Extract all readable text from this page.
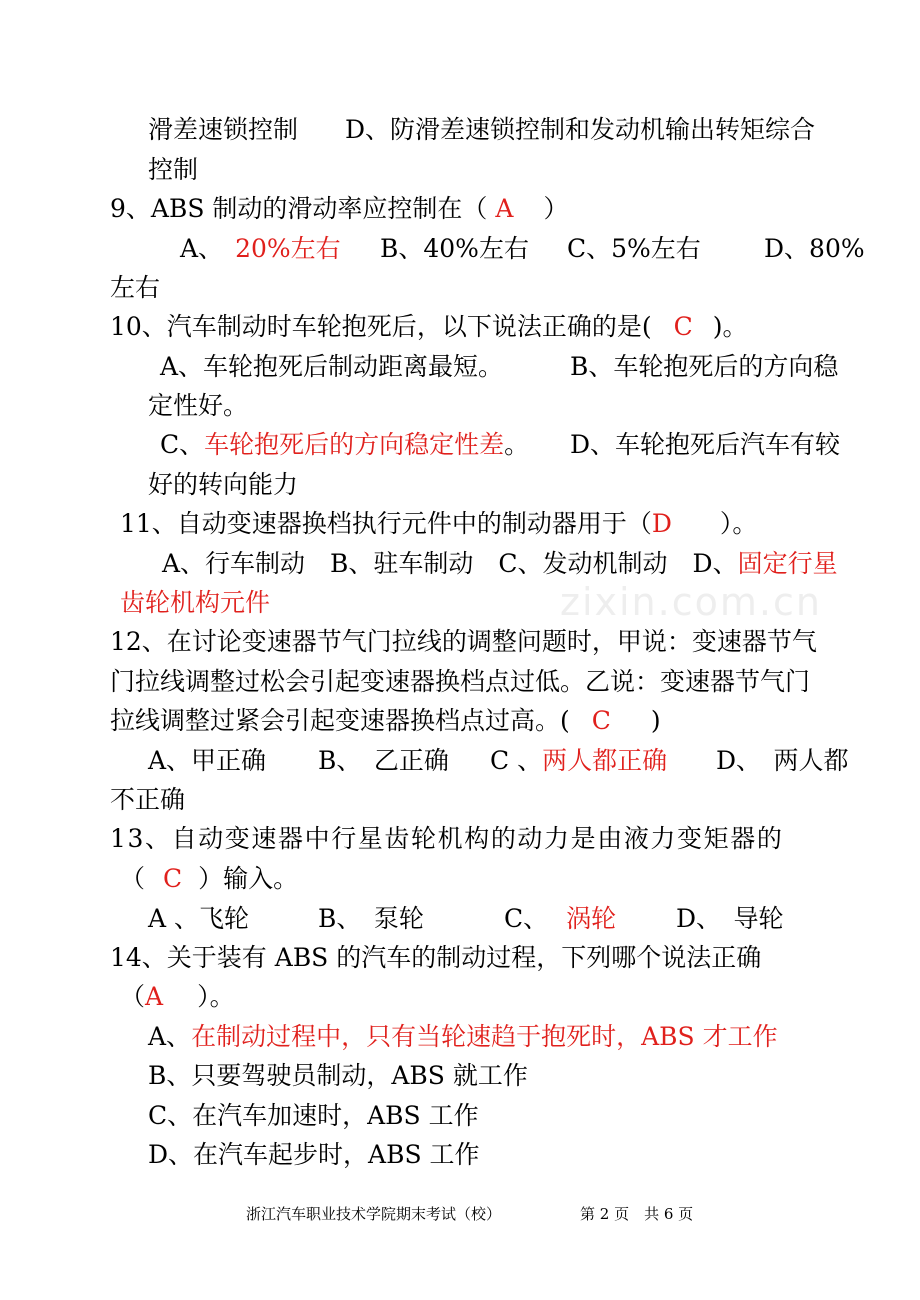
zixin.com.cn
滑差速锁控制 D、防滑差速锁控制和发动机输出转矩综合
控制
9、ABS 制动的滑动率应控制在（ A ）
A、 20%左右 B、40%左右 C、5%左右	D、80%
左右
10、汽车制动时车轮抱死后，以下说法正确的是( C )。
A、车轮抱死后制动距离最短。	B、车轮抱死后的方向稳
定性好。
C、车轮抱死后的方向稳定性差。 D、车轮抱死后汽车有较
好的转向能力
11、自动变速器换档执行元件中的制动器用于（D ）。
A、行车制动　B、驻车制动　C、发动机制动　D、固定行星
齿轮机构元件
12、在讨论变速器节气门拉线的调整问题时，甲说：变速器节气
门拉线调整过松会引起变速器换档点过低。乙说：变速器节气门
拉线调整过紧会引起变速器换档点过高。( C )
A、甲正确 B、　乙正确 C 、两人都正确 D、　两人都
不正确
13、自动变速器中行星齿轮机构的动力是由液力变矩器的
（ C ）输入。
A 、飞轮	B、　泵轮	C、 涡轮 D、　导轮
14、关于装有 ABS 的汽车的制动过程，下列哪个说法正确
（A ）。
A、在制动过程中，只有当轮速趋于抱死时，ABS 才工作
B、只要驾驶员制动，ABS 就工作
C、在汽车加速时，ABS 工作
D、在汽车起步时，ABS 工作
浙江汽车职业技术学院期末考试（校）	第 2 页　共 6 页
